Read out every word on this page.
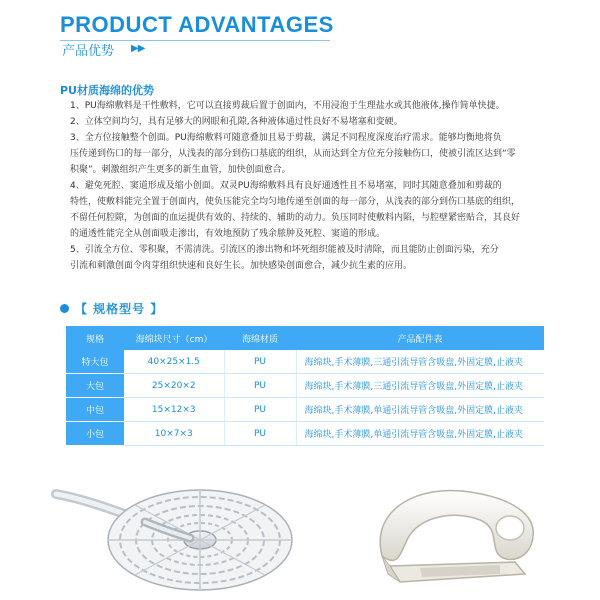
PRODUCT ADVANTAGES
产品优势 ▶▶
PU材质海绵的优势
1、PU海绵敷料是干性敷料，它可以直接剪裁后置于创面内，不用浸泡于生理盐水或其他液体,操作简单快捷。
2、立体空间均匀，具有足够大的网眼和孔隙,各种液体通过性良好不易堵塞和变硬。
3、全方位接触整个创面。PU海绵敷料可随意叠加且易于剪裁，满足不同程度深度治疗需求。能够均衡地将负
压传递到伤口的每一部分，从浅表的部分到伤口基底的组织，从而达到全方位充分接触伤口，使被引流区达到“零
积聚”。刺激组织产生更多的新生血管，加快创面愈合。
4、避免死腔、窦道形成及缩小创面。双灵PU海绵敷料具有良好通透性且不易堵塞，同时其随意叠加和剪裁的
特性，使敷料能完全置于创面内，使负压能完全均匀地传递至创面的每一部分，从浅表的部分到伤口基底的组织，
不留任何腔隙，为创面的血运提供有效的、持续的、辅助的动力。负压同时使敷料内陷，与腔壁紧密贴合，其良好
的通透性能完全从创面吸走渗出，有效地预防了残余脓肿及死腔、窦道的形成。
5、引流全方位、零积聚，不需清洗。引流区的渗出物和坏死组织能被及时清除，而且能防止创面污染，充分
引流和刺激创面令肉芽组织快速和良好生长。加快感染创面愈合，减少抗生素的应用。
【 规格型号 】
规格	海绵块尺寸（cm）	海绵材质	产品配件表
特大包	40×25×1.5	PU	海绵块,手术薄膜,三通引流导管含吸盘,外固定膜,止液夹
大包	25×20×2	PU	海绵块,手术薄膜,三通引流导管含吸盘,外固定膜,止液夹
中包	15×12×3	PU	海绵块,手术薄膜,单通引流导管含吸盘,外固定膜,止液夹
小包	10×7×3	PU	海绵块,手术薄膜,单通引流导管含吸盘,外固定膜,止液夹
